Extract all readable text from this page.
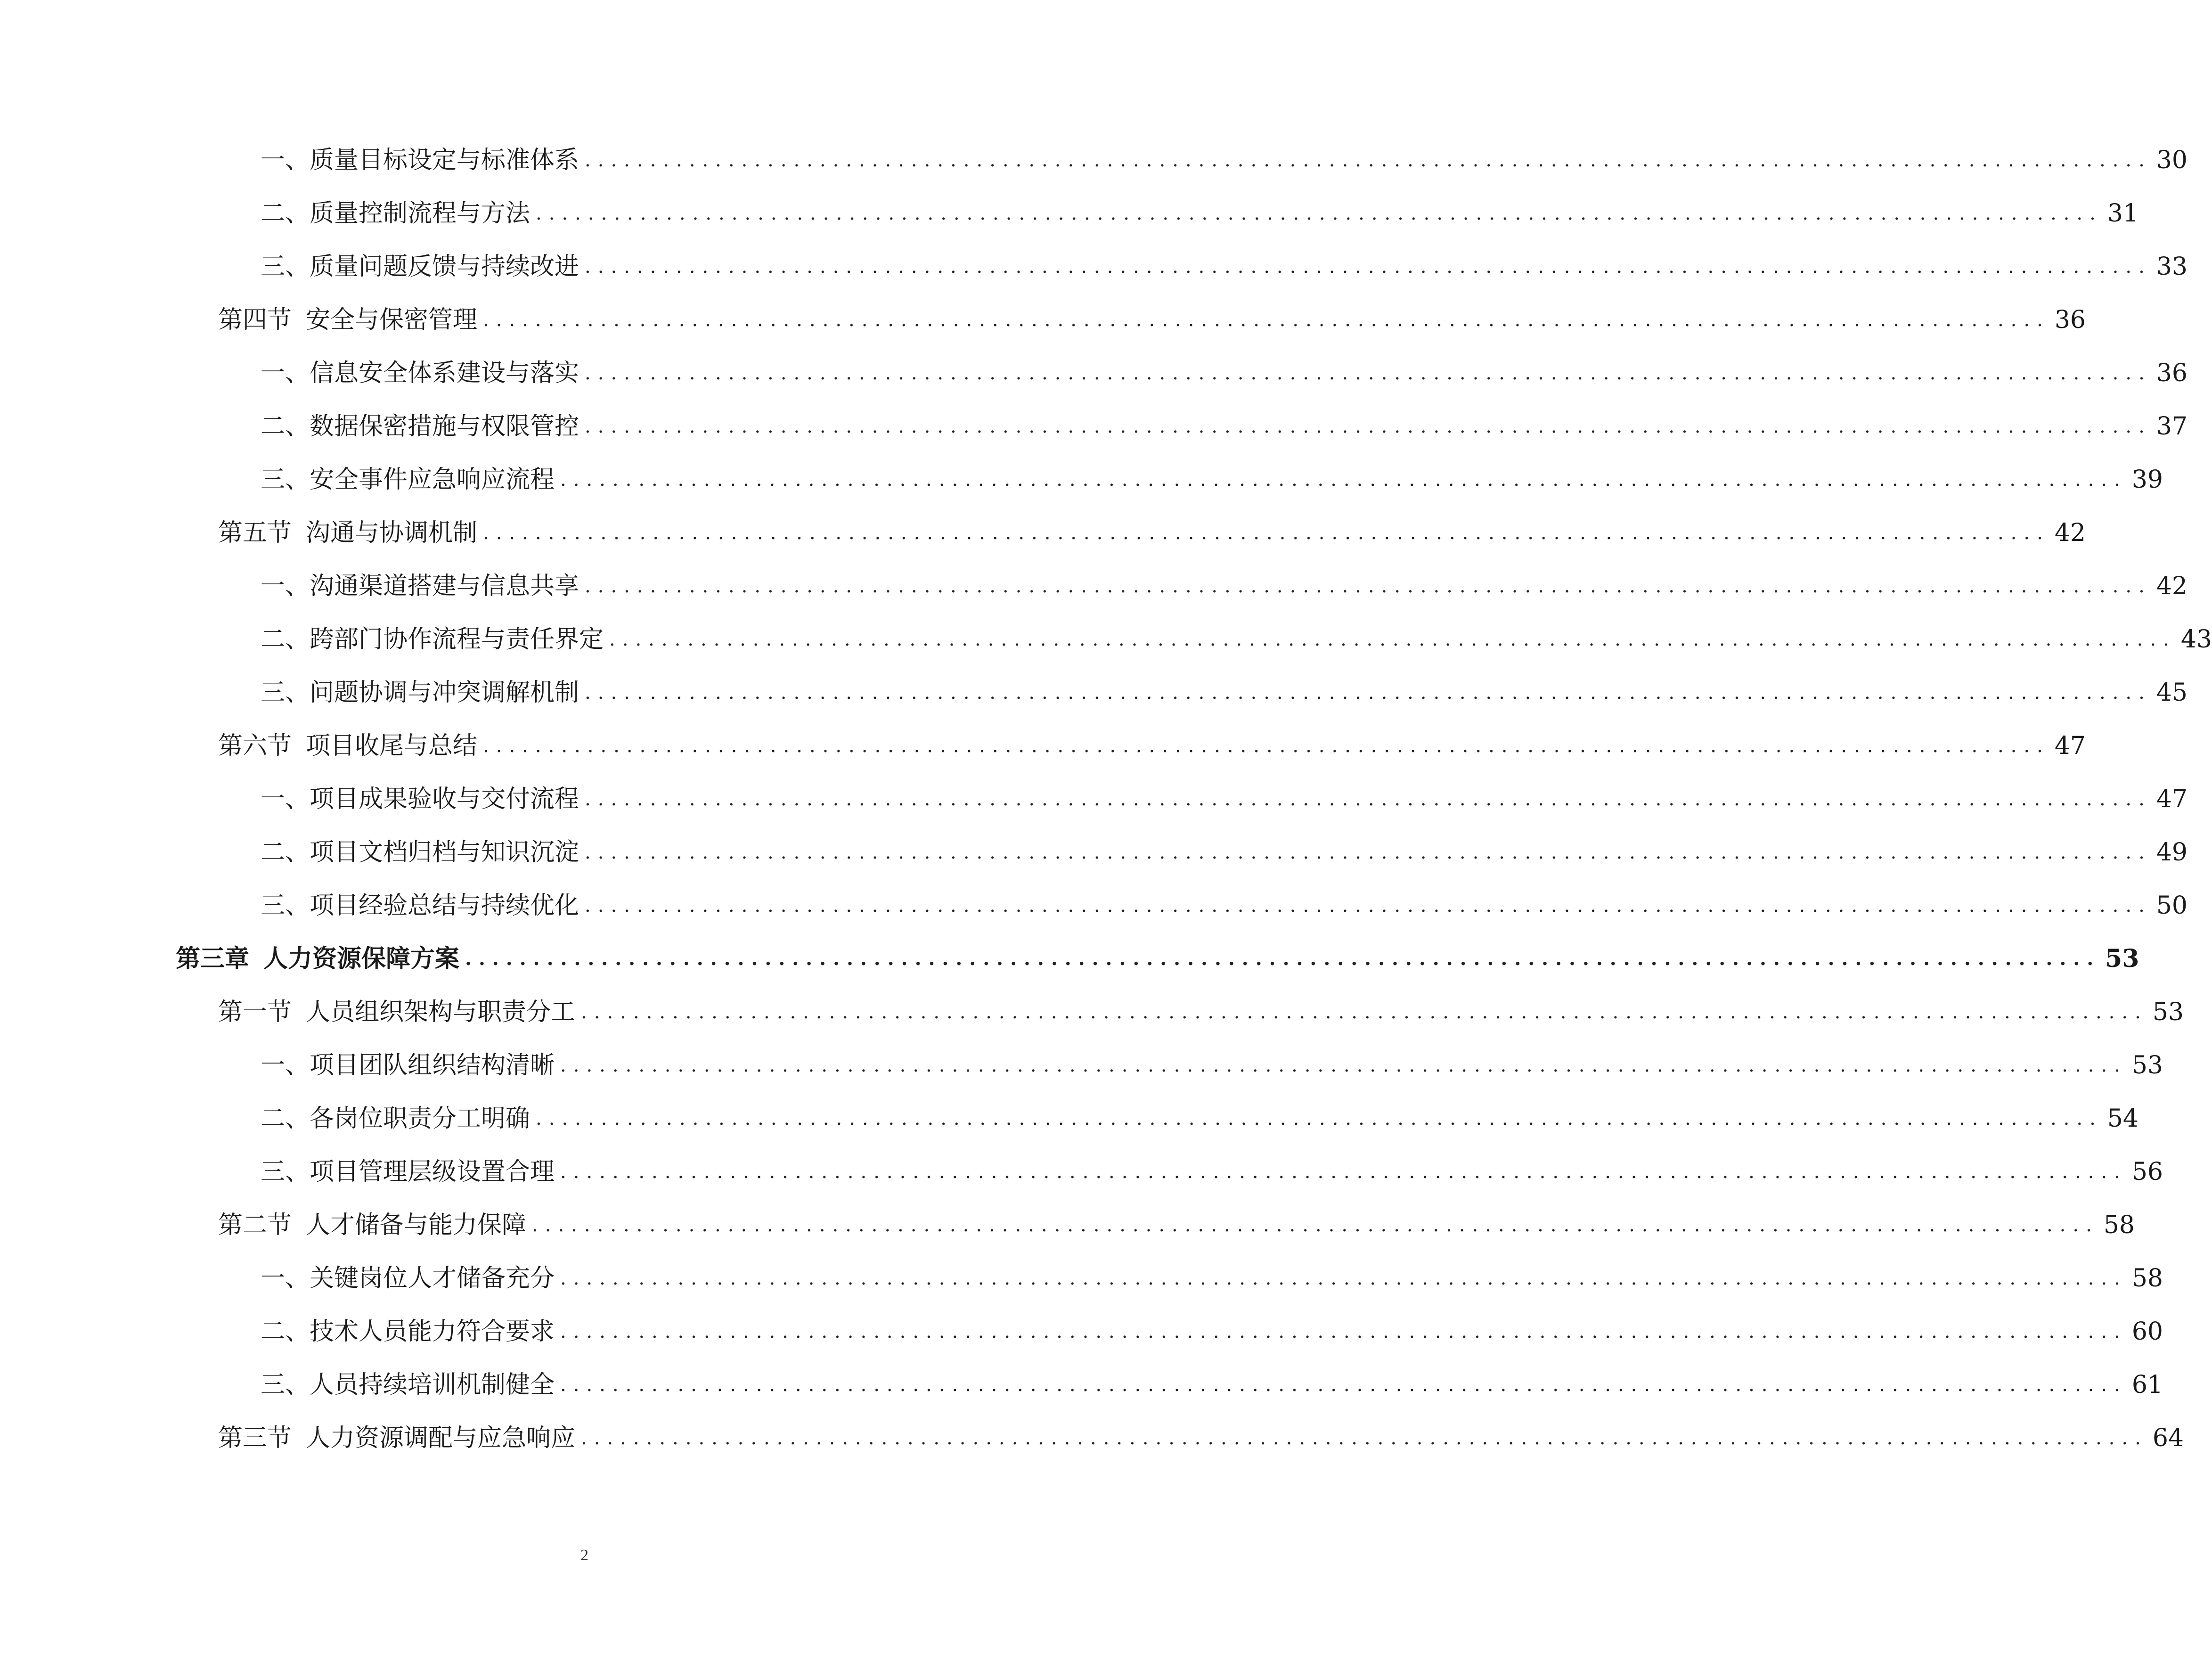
一、质量目标设定与标准体系 ........................................................................................................................ 30
二、质量控制流程与方法 ........................................................................................................................ 31
三、质量问题反馈与持续改进 ........................................................................................................................ 33
第四节 安全与保密管理 ........................................................................................................................ 36
一、信息安全体系建设与落实 ........................................................................................................................ 36
二、数据保密措施与权限管控 ........................................................................................................................ 37
三、安全事件应急响应流程 ........................................................................................................................ 39
第五节 沟通与协调机制 ........................................................................................................................ 42
一、沟通渠道搭建与信息共享 ........................................................................................................................ 42
二、跨部门协作流程与责任界定 ........................................................................................................................ 43
三、问题协调与冲突调解机制 ........................................................................................................................ 45
第六节 项目收尾与总结 ........................................................................................................................ 47
一、项目成果验收与交付流程 ........................................................................................................................ 47
二、项目文档归档与知识沉淀 ........................................................................................................................ 49
三、项目经验总结与持续优化 ........................................................................................................................ 50
第三章 人力资源保障方案 ........................................................................................................................ 53
第一节 人员组织架构与职责分工 ........................................................................................................................ 53
一、项目团队组织结构清晰 ........................................................................................................................ 53
二、各岗位职责分工明确 ........................................................................................................................ 54
三、项目管理层级设置合理 ........................................................................................................................ 56
第二节 人才储备与能力保障 ........................................................................................................................ 58
一、关键岗位人才储备充分 ........................................................................................................................ 58
二、技术人员能力符合要求 ........................................................................................................................ 60
三、人员持续培训机制健全 ........................................................................................................................ 61
第三节 人力资源调配与应急响应 ........................................................................................................................ 64
2
